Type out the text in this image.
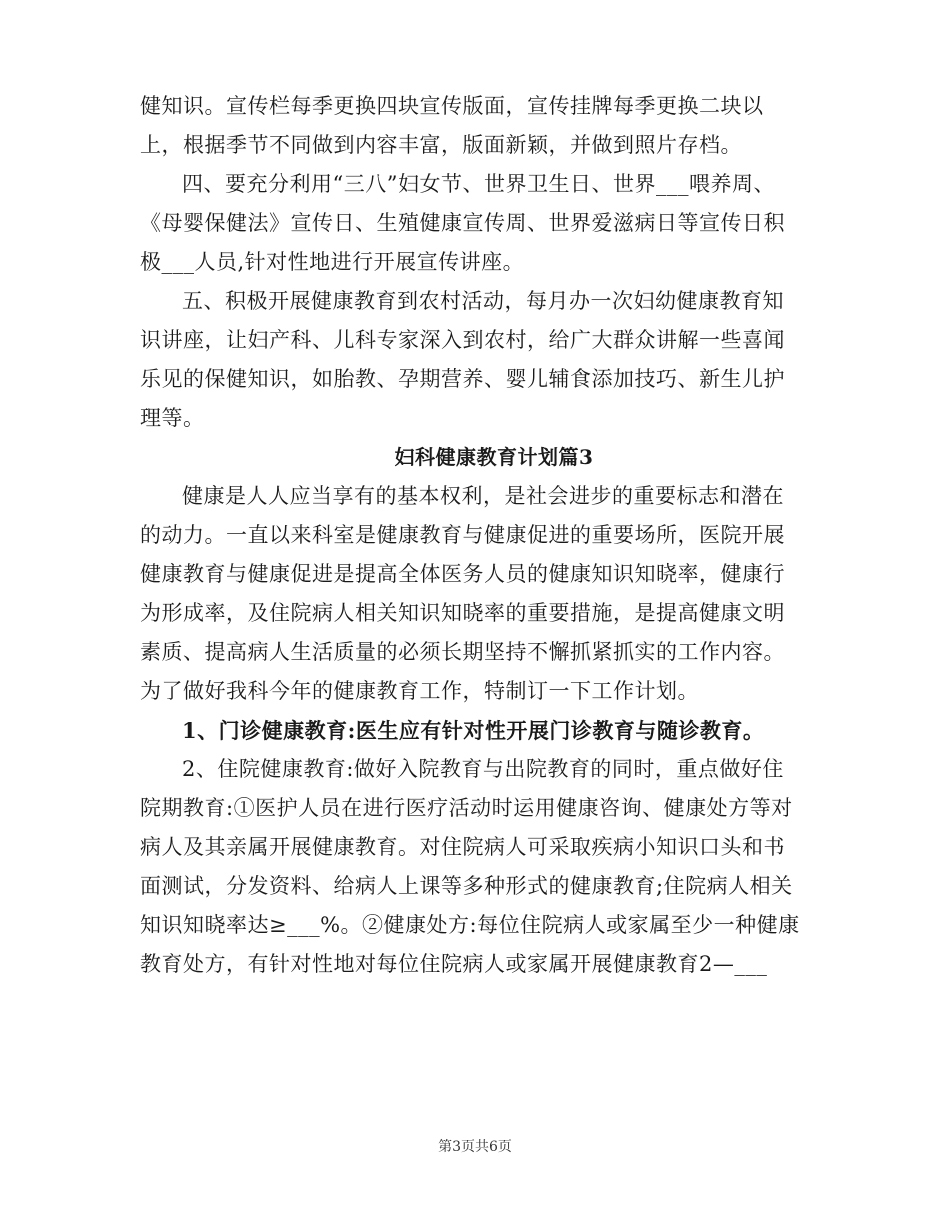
健知识。宣传栏每季更换四块宣传版面，宣传挂牌每季更换二块以
上，根据季节不同做到内容丰富，版面新颖，并做到照片存档。

四、要充分利用“三八”妇女节、世界卫生日、世界___喂养周、
《母婴保健法》宣传日、生殖健康宣传周、世界爱滋病日等宣传日积
极___人员,针对性地进行开展宣传讲座。

五、积极开展健康教育到农村活动，每月办一次妇幼健康教育知
识讲座，让妇产科、儿科专家深入到农村，给广大群众讲解一些喜闻
乐见的保健知识，如胎教、孕期营养、婴儿辅食添加技巧、新生儿护
理等。

妇科健康教育计划篇3

健康是人人应当享有的基本权利，是社会进步的重要标志和潜在
的动力。一直以来科室是健康教育与健康促进的重要场所，医院开展
健康教育与健康促进是提高全体医务人员的健康知识知晓率，健康行
为形成率，及住院病人相关知识知晓率的重要措施，是提高健康文明
素质、提高病人生活质量的必须长期坚持不懈抓紧抓实的工作内容。
为了做好我科今年的健康教育工作，特制订一下工作计划。

1、门诊健康教育:医生应有针对性开展门诊教育与随诊教育。

2、住院健康教育:做好入院教育与出院教育的同时，重点做好住
院期教育:①医护人员在进行医疗活动时运用健康咨询、健康处方等对
病人及其亲属开展健康教育。对住院病人可采取疾病小知识口头和书
面测试，分发资料、给病人上课等多种形式的健康教育;住院病人相关
知识知晓率达≥___%。②健康处方:每位住院病人或家属至少一种健康
教育处方，有针对性地对每位住院病人或家属开展健康教育2—___

第3页共6页
